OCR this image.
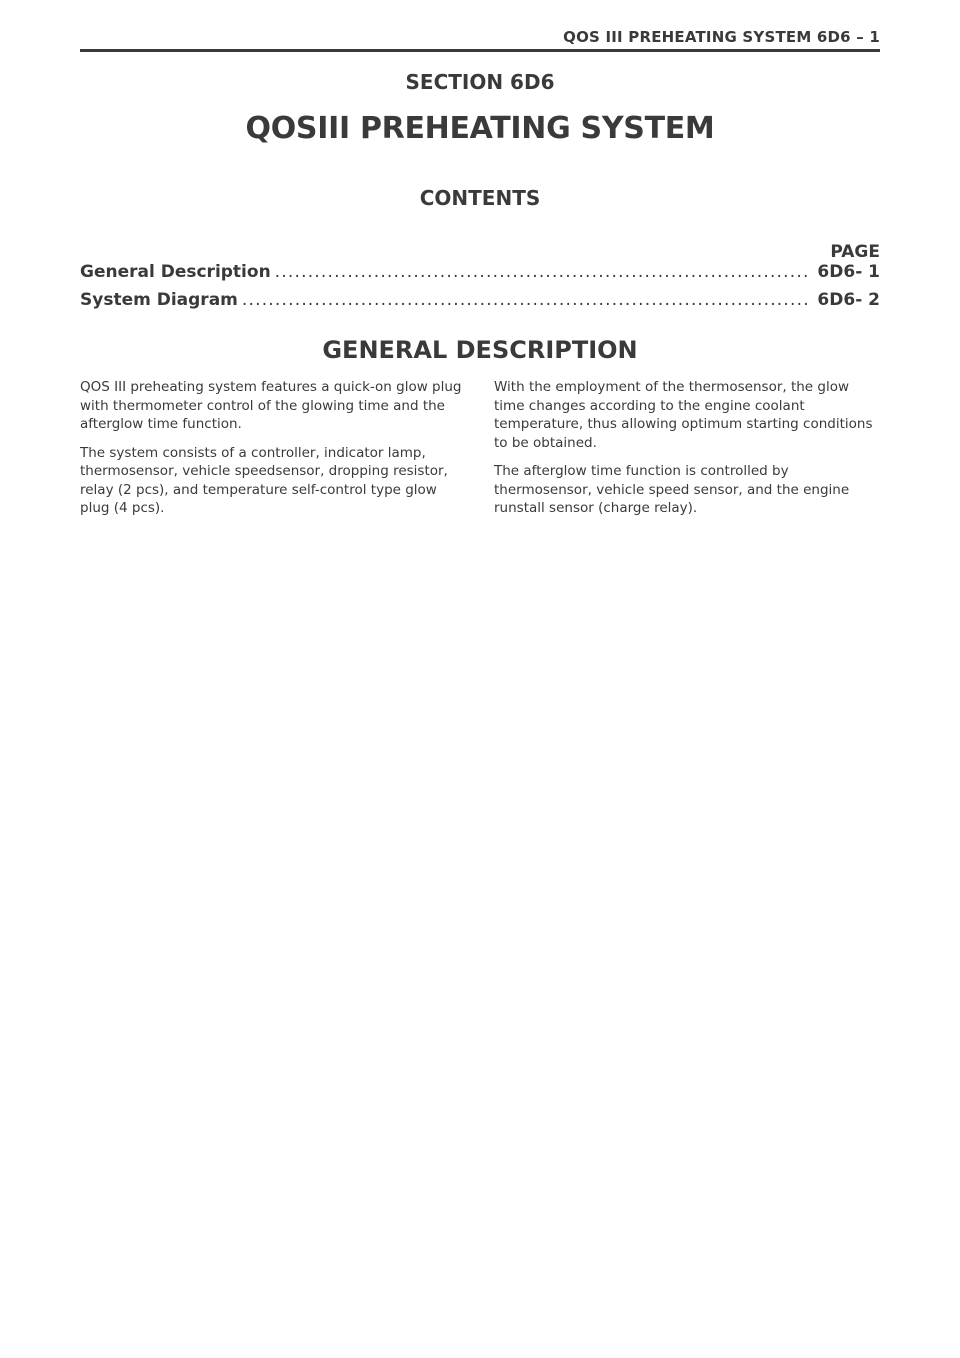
QOS III PREHEATING SYSTEM 6D6 – 1
SECTION 6D6
QOSIII PREHEATING SYSTEM
CONTENTS
PAGE
General Description .....	6D6- 1
System Diagram .....	6D6- 2
GENERAL DESCRIPTION

QOS III preheating system features a quick-on glow plug with thermometer control of the glowing time and the afterglow time function.

The system consists of a controller, indicator lamp, thermosensor, vehicle speedsensor, dropping resistor, relay (2 pcs), and temperature self-control type glow plug (4 pcs).

With the employment of the thermosensor, the glow time changes according to the engine coolant temperature, thus allowing optimum starting conditions to be obtained.

The afterglow time function is controlled by thermosensor, vehicle speed sensor, and the engine runstall sensor (charge relay).
